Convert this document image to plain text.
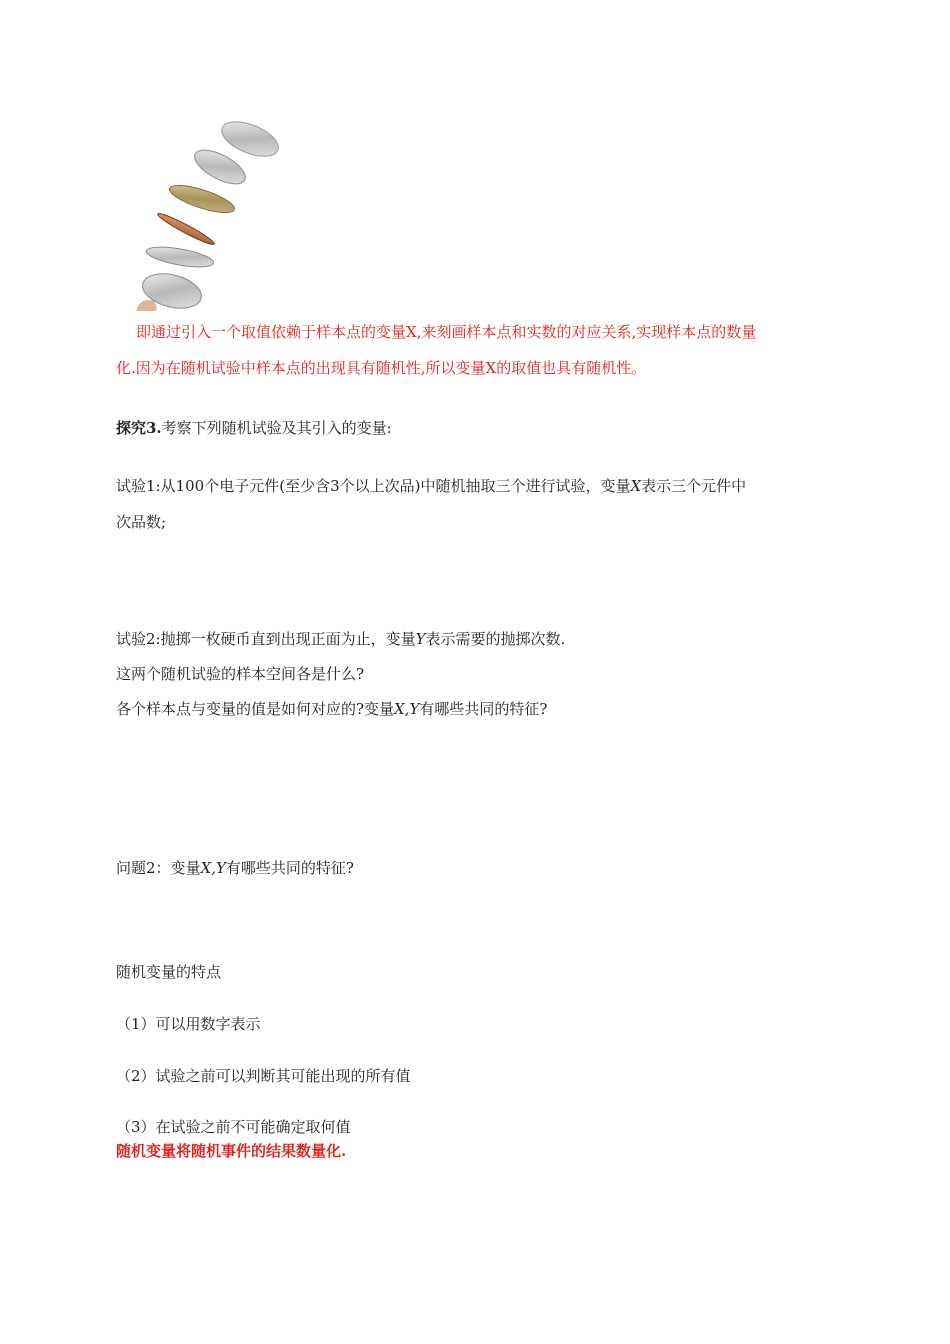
即通过引入一个取值依赖于样本点的变量X,来刻画样本点和实数的对应关系,实现样本点的数量
化.因为在随机试验中样本点的出现具有随机性,所以变量X的取值也具有随机性。
探究3.考察下列随机试验及其引入的变量:
试验1:从100个电子元件(至少含3个以上次品)中随机抽取三个进行试验，变量X表示三个元件中
次品数;
试验2:抛掷一枚硬币直到出现正面为止，变量Y表示需要的抛掷次数.
这两个随机试验的样本空间各是什么?
各个样本点与变量的值是如何对应的?变量X,Y有哪些共同的特征?
问题2：变量X,Y有哪些共同的特征?
随机变量的特点
（1）可以用数字表示
（2）试验之前可以判断其可能出现的所有值
（3）在试验之前不可能确定取何值
随机变量将随机事件的结果数量化.
